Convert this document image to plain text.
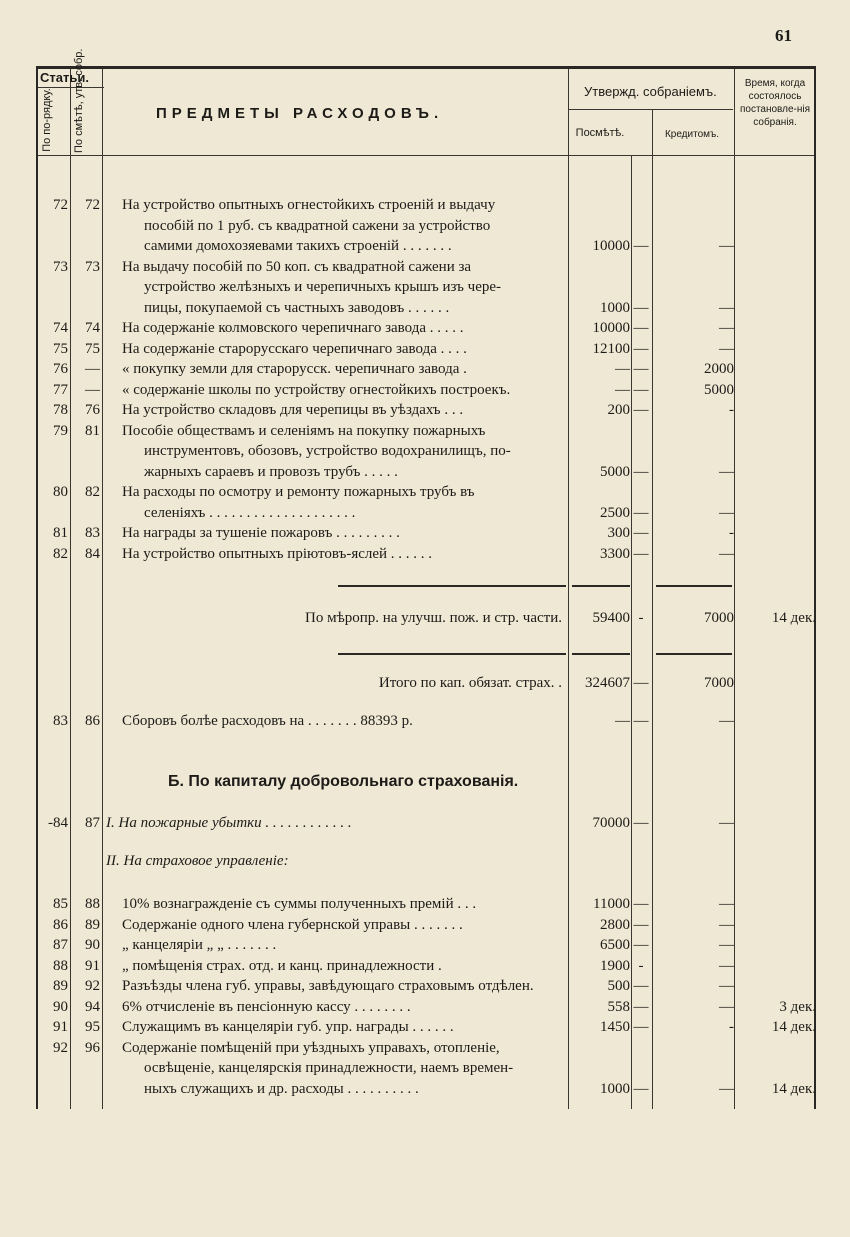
61
Статьи.
По по-рядку. По смѣтѣ, утв. собр.	ПРЕДМЕТЫ РАСХОДОВЪ.
Утвержд. собраніемъ.
Посмѣтѣ.	Кредитомъ.
Время, когда состоялось постановле-нія собранія.
72	72 На устройство опытныхъ огнестойкихъ строеній и выдачу
пособій по 1 руб. съ квадратной сажени за устройство
самими домохозяевами такихъ строеній . . . . . . .	10000 —	—
73	73 На выдачу пособій по 50 коп. съ квадратной сажени за
устройство желѣзныхъ и черепичныхъ крышъ изъ чере-
пицы, покупаемой съ частныхъ заводовъ . . . . . .	1000 —	—
74	74 На содержаніе колмовского черепичнаго завода . . . . .	10000 —	—
75	75 На содержаніе старорусскаго черепичнаго завода . . . .	12100 —	—
76	— « покупку земли для старорусск. черепичнаго завода .	— —	2000
77	— « содержаніе школы по устройству огнестойкихъ построекъ.	— —	5000
78	76 На устройство складовъ для черепицы въ уѣздахъ . . .	200 —	-
79	81 Пособіе обществамъ и селеніямъ на покупку пожарныхъ
инструментовъ, обозовъ, устройство водохранилищъ, по-
жарныхъ сараевъ и провозъ трубъ . . . . .	5000 —	—
80	82 На расходы по осмотру и ремонту пожарныхъ трубъ въ
селеніяхъ . . . . . . . . . . . . . . . . . . . .	2500 —	—
81	83 На награды за тушеніе пожаровъ . . . . . . . . .	300 —	-
82	84 На устройство опытныхъ пріютовъ-яслей . . . . . .	3300 —	—
По мѣропр. на улучш. пож. и стр. части.	59400 -	7000	14 дек.
Итого по кап. обязат. страх. .	324607 —	7000
83	86 Сборовъ болѣе расходовъ на . . . . . . . 88393 р.	— —	—
Б. По капиталу добровольнаго страхованія.
-84	87 I. На пожарные убытки . . . . . . . . . . . .	70000 —	—
II. На страховое управленіе:
85	88 10% вознагражденіе съ суммы полученныхъ премій . . .	11000 —	—
86	89 Содержаніе одного члена губернской управы . . . . . . .	2800 —	—
87	90 „ канцеляріи „ „ . . . . . . .	6500 —	—
88	91 „ помѣщенія страх. отд. и канц. принадлежности .	1900 -	—
89	92 Разъѣзды члена губ. управы, завѣдующаго страховымъ отдѣлен.	500 —	—
90	94 6% отчисленіе въ пенсіонную кассу . . . . . . . .	558 —	—	3 дек.
91	95 Служащимъ въ канцеляріи губ. упр. награды . . . . . .	1450 —	-	14 дек.
92	96 Содержаніе помѣщеній при уѣздныхъ управахъ, отопленіе,
освѣщеніе, канцелярскія принадлежности, наемъ времен-
ныхъ служащихъ и др. расходы . . . . . . . . . .	1000 —	—	14 дек.
